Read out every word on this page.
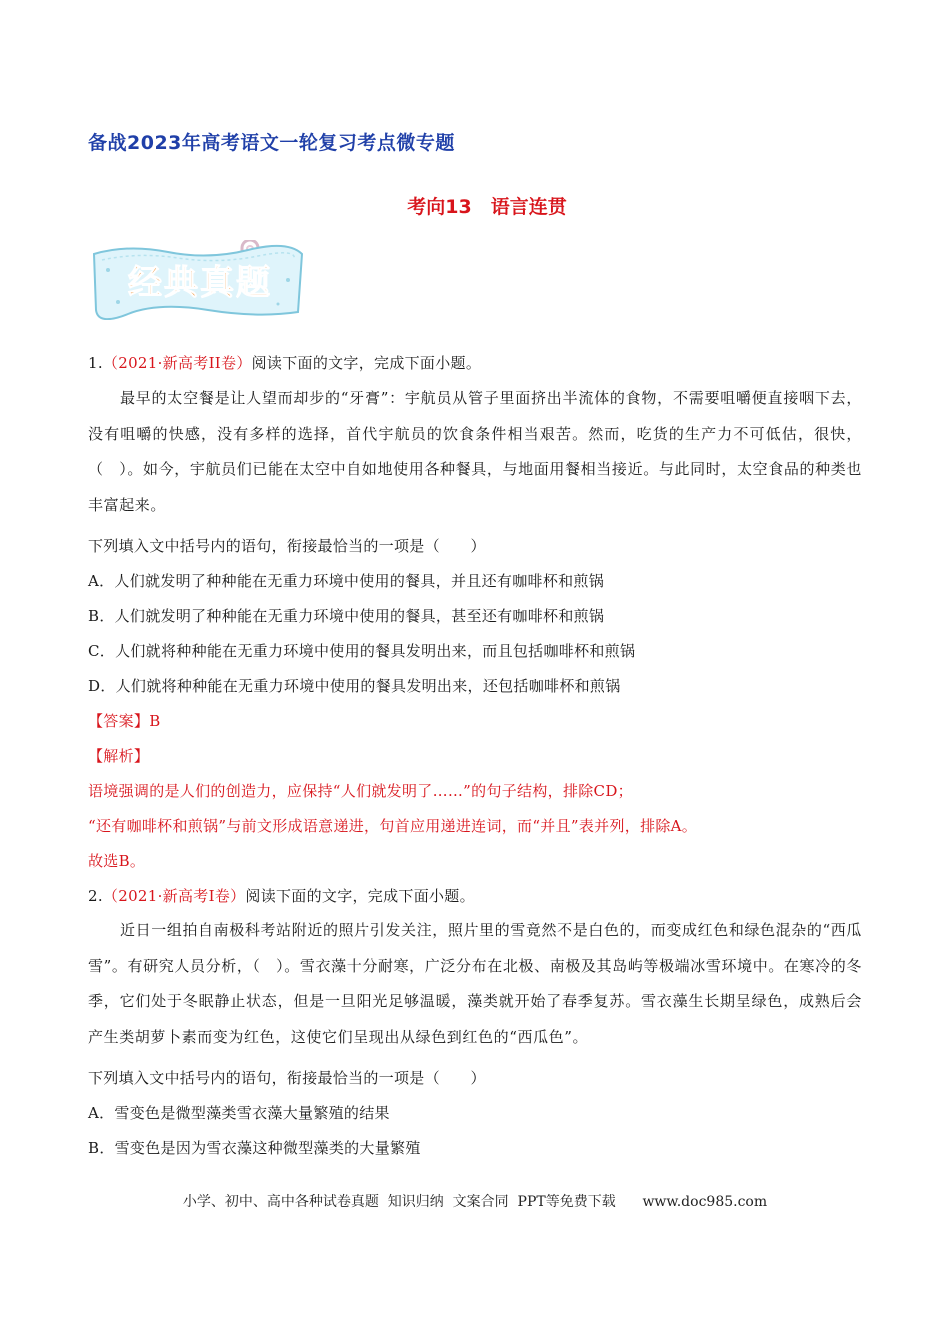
备战2023年高考语文一轮复习考点微专题
考向13　语言连贯
经典真题
1.（2021·新高考II卷）阅读下面的文字，完成下面小题。
最早的太空餐是让人望而却步的“牙膏”：宇航员从管子里面挤出半流体的食物，不需要咀嚼便直接咽下去，没有咀嚼的快感，没有多样的选择，首代宇航员的饮食条件相当艰苦。然而，吃货的生产力不可低估，很快，（　）。如今，宇航员们已能在太空中自如地使用各种餐具，与地面用餐相当接近。与此同时，太空食品的种类也丰富起来。
下列填入文中括号内的语句，衔接最恰当的一项是（　　）
A．人们就发明了种种能在无重力环境中使用的餐具，并且还有咖啡杯和煎锅
B．人们就发明了种种能在无重力环境中使用的餐具，甚至还有咖啡杯和煎锅
C．人们就将种种能在无重力环境中使用的餐具发明出来，而且包括咖啡杯和煎锅
D．人们就将种种能在无重力环境中使用的餐具发明出来，还包括咖啡杯和煎锅
【答案】B
【解析】
语境强调的是人们的创造力，应保持“人们就发明了……”的句子结构，排除CD；
“还有咖啡杯和煎锅”与前文形成语意递进，句首应用递进连词，而“并且”表并列，排除A。
故选B。
2.（2021·新高考I卷）阅读下面的文字，完成下面小题。
近日一组拍自南极科考站附近的照片引发关注，照片里的雪竟然不是白色的，而变成红色和绿色混杂的“西瓜雪”。有研究人员分析，（　）。雪衣藻十分耐寒，广泛分布在北极、南极及其岛屿等极端冰雪环境中。在寒冷的冬季，它们处于冬眠静止状态，但是一旦阳光足够温暖，藻类就开始了春季复苏。雪衣藻生长期呈绿色，成熟后会产生类胡萝卜素而变为红色，这使它们呈现出从绿色到红色的“西瓜色”。
下列填入文中括号内的语句，衔接最恰当的一项是（　　）
A．雪变色是微型藻类雪衣藻大量繁殖的结果
B．雪变色是因为雪衣藻这种微型藻类的大量繁殖
小学、初中、高中各种试卷真题  知识归纳  文案合同  PPT等免费下载      www.doc985.com
